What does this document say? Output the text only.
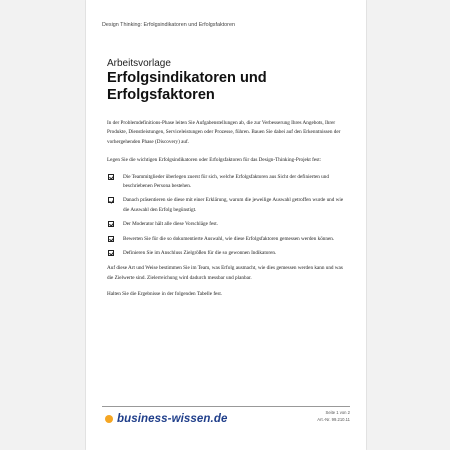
Design Thinking: Erfolgsindikatoren und Erfolgsfaktoren
Arbeitsvorlage
Erfolgsindikatoren und Erfolgsfaktoren

In der Problemdefinitions-Phase leiten Sie Aufgabenstellungen ab, die zur Verbesserung Ihres Angebots, Ihrer Produkte, Dienstleistungen, Serviceleistungen oder Prozesse, führen. Bauen Sie dabei auf den Erkenntnissen der vorhergehenden Phase (Discovery) auf.

Legen Sie die wichtigen Erfolgsindikatoren oder Erfolgsfaktoren für das Design-Thinking-Projekt fest:

Die Teammitglieder überlegen zuerst für sich, welche Erfolgsfaktoren aus Sicht der definierten und beschriebenen Persona bestehen.
Danach präsentieren sie diese mit einer Erklärung, warum die jeweilige Auswahl getroffen wurde und wie die Auswahl den Erfolg begünstigt.
Der Moderator hält alle diese Vorschläge fest.
Bewerten Sie für die so dokumentierte Auswahl, wie diese Erfolgsfaktoren gemessen werden können.
Definieren Sie im Anschluss Zielgrößen für die so gewonnen Indikatoren.

Auf diese Art und Weise bestimmen Sie im Team, was Erfolg ausmacht, wie dies gemessen werden kann und was die Zielwerte sind. Zielerreichung wird dadurch messbar und planbar.

Halten Sie die Ergebnisse in der folgenden Tabelle fest.

business-wissen.de
Seite 1 von 2
Art.-Nr. 99.210.11
